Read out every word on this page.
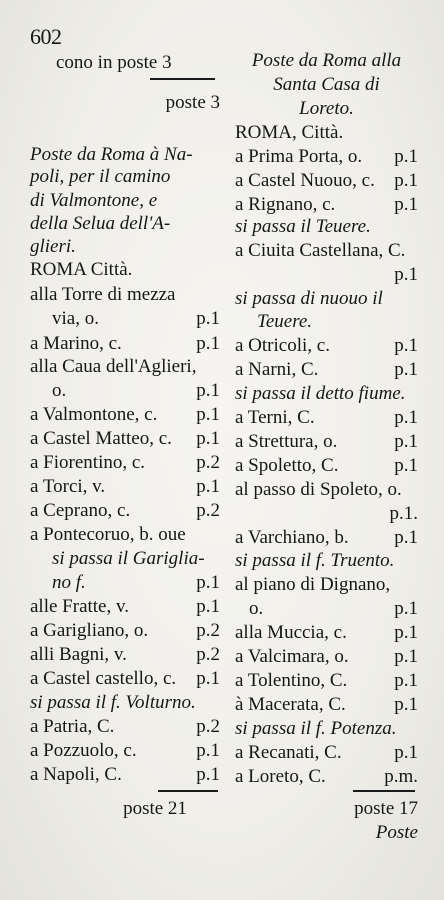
602
cono in poste 3
poste 3
Poste da Roma à Na-
poli, per il camino
di Valmontone, e
della Selua dell'A-
glieri.
ROMA Città.
alla Torre di mezza
via, o.	p.1
a Marino, c.	p.1
alla Caua dell'Aglieri,
o.	p.1
a Valmontone, c. p.1
a Castel Matteo, c. p.1
a Fiorentino, c.	p.2
a Torci, v.	p.1
a Ceprano, c.	p.2
a Pontecoruo, b. oue
si passa il Gariglia-
no f.	p.1
alle Fratte, v.	p.1
a Garigliano, o.	p.2
alli Bagni, v.	p.2
a Castel castello, c. p.1
si passa il f. Volturno.
a Patria, C.	p.2
a Pozzuolo, c.	p.1
a Napoli, C.	p.1
poste 21
Poste da Roma alla
Santa Casa di
Loreto.
ROMA, Città.
a Prima Porta, o. p.1
a Castel Nuouo, c. p.1
a Rignano, c.	p.1
si passa il Teuere.
a Ciuita Castellana, C.
p.1
si passa di nuouo il
Teuere.
a Otricoli, c.	p.1
a Narni, C.	p.1
si passa il detto fiume.
a Terni, C.	p.1
a Strettura, o.	p.1
a Spoletto, C.	p.1
al passo di Spoleto, o.
p.1.
a Varchiano, b. p.1
si passa il f. Truento.
al piano di Dignano,
o.	p.1
alla Muccia, c. p.1
a Valcimara, o. p.1
a Tolentino, C. p.1
à Macerata, C.	p.1
si passa il f. Potenza.
a Recanati, C.	p.1
a Loreto, C.	p.m.
poste 17
Poste
